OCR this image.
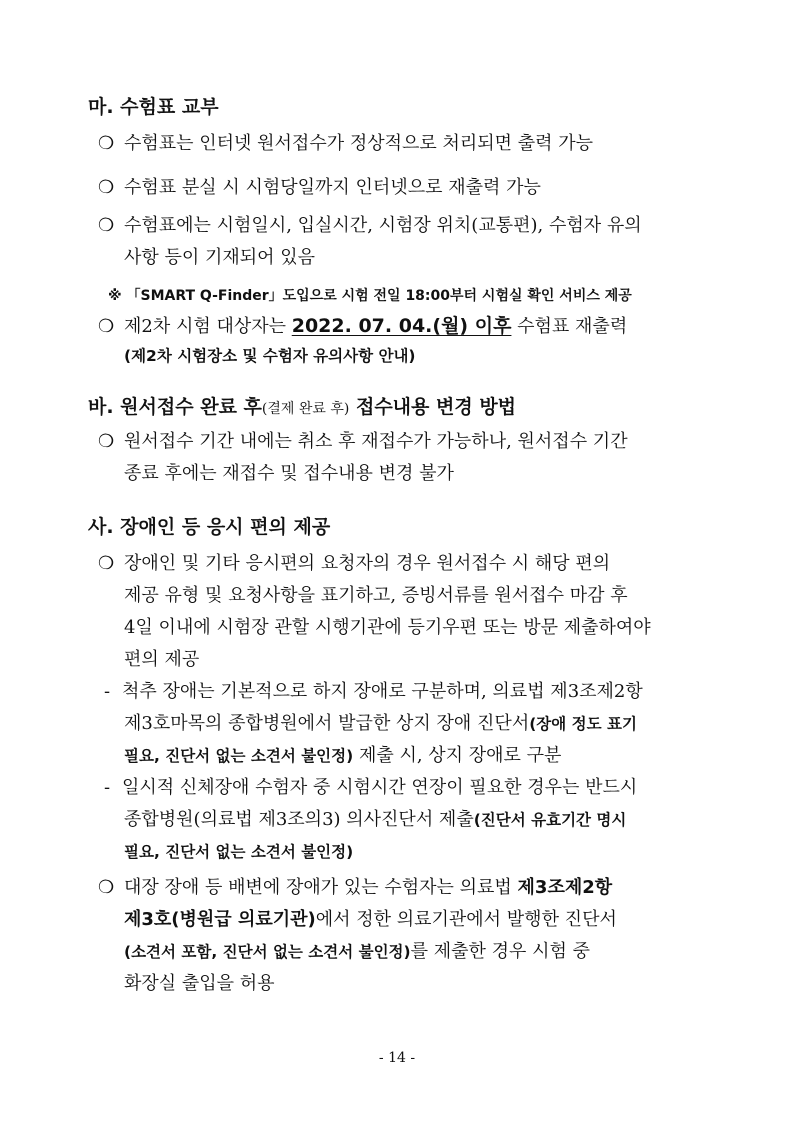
마. 수험표 교부
❍ 수험표는 인터넷 원서접수가 정상적으로 처리되면 출력 가능
❍ 수험표 분실 시 시험당일까지 인터넷으로 재출력 가능
❍ 수험표에는 시험일시, 입실시간, 시험장 위치(교통편), 수험자 유의
사항 등이 기재되어 있음
※ 「SMART Q-Finder」도입으로 시험 전일 18:00부터 시험실 확인 서비스 제공
❍ 제2차 시험 대상자는 2022. 07. 04.(월) 이후 수험표 재출력
(제2차 시험장소 및 수험자 유의사항 안내)
바. 원서접수 완료 후(결제 완료 후) 접수내용 변경 방법
❍ 원서접수 기간 내에는 취소 후 재접수가 가능하나, 원서접수 기간
종료 후에는 재접수 및 접수내용 변경 불가
사. 장애인 등 응시 편의 제공
❍ 장애인 및 기타 응시편의 요청자의 경우 원서접수 시 해당 편의
제공 유형 및 요청사항을 표기하고, 증빙서류를 원서접수 마감 후
4일 이내에 시험장 관할 시행기관에 등기우편 또는 방문 제출하여야
편의 제공
- 척추 장애는 기본적으로 하지 장애로 구분하며, 의료법 제3조제2항
제3호마목의 종합병원에서 발급한 상지 장애 진단서(장애 정도 표기
필요, 진단서 없는 소견서 불인정) 제출 시, 상지 장애로 구분
- 일시적 신체장애 수험자 중 시험시간 연장이 필요한 경우는 반드시
종합병원(의료법 제3조의3) 의사진단서 제출(진단서 유효기간 명시
필요, 진단서 없는 소견서 불인정)
❍ 대장 장애 등 배변에 장애가 있는 수험자는 의료법 제3조제2항
제3호(병원급 의료기관)에서 정한 의료기관에서 발행한 진단서
(소견서 포함, 진단서 없는 소견서 불인정)를 제출한 경우 시험 중
화장실 출입을 허용
- 14 -
